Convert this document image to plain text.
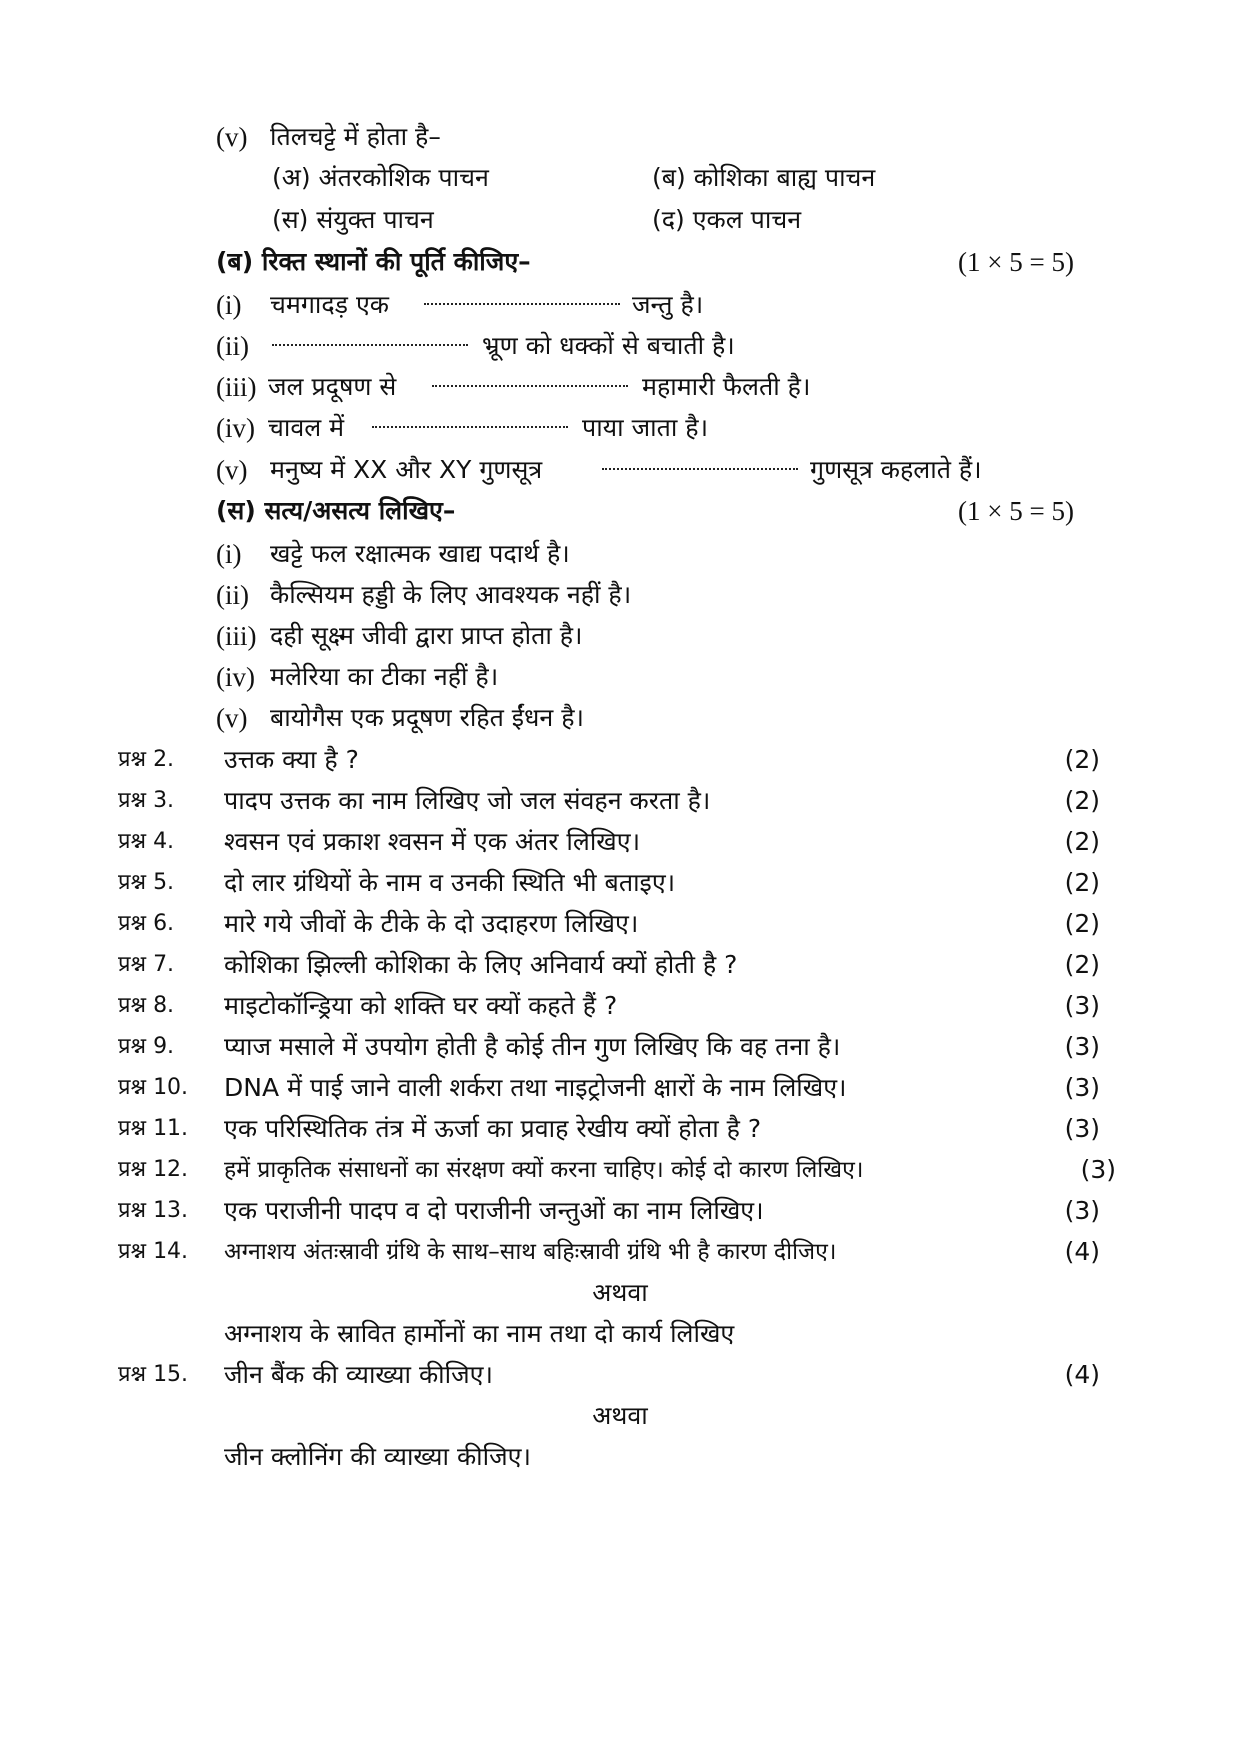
(v) तिलचट्टे में होता है–
(अ) अंतरकोशिक पाचन	(ब) कोशिका बाह्य पाचन
(स) संयुक्त पाचन	(द) एकल पाचन
(ब) रिक्त स्थानों की पूर्ति कीजिए–	(1 × 5 = 5)
(i) चमगादड़ एक	जन्तु है।
(ii)	भ्रूण को धक्कों से बचाती है।
(iii) जल प्रदूषण से	महामारी फैलती है।
(iv) चावल में	पाया जाता है।
(v) मनुष्य में XX और XY गुणसूत्र	गुणसूत्र कहलाते हैं।
(स) सत्य/असत्य लिखिए–	(1 × 5 = 5)
(i) खट्टे फल रक्षात्मक खाद्य पदार्थ है।
(ii) कैल्सियम हड्डी के लिए आवश्यक नहीं है।
(iii) दही सूक्ष्म जीवी द्वारा प्राप्त होता है।
(iv) मलेरिया का टीका नहीं है।
(v) बायोगैस एक प्रदूषण रहित ईंधन है।
प्रश्न 2. उत्तक क्या है ?	(2)
प्रश्न 3. पादप उत्तक का नाम लिखिए जो जल संवहन करता है।	(2)
प्रश्न 4. श्वसन एवं प्रकाश श्वसन में एक अंतर लिखिए।	(2)
प्रश्न 5. दो लार ग्रंथियों के नाम व उनकी स्थिति भी बताइए।	(2)
प्रश्न 6. मारे गये जीवों के टीके के दो उदाहरण लिखिए।	(2)
प्रश्न 7. कोशिका झिल्ली कोशिका के लिए अनिवार्य क्यों होती है ?	(2)
प्रश्न 8. माइटोकॉन्ड्रिया को शक्ति घर क्यों कहते हैं ?	(3)
प्रश्न 9. प्याज मसाले में उपयोग होती है कोई तीन गुण लिखिए कि वह तना है।	(3)
प्रश्न 10. DNA में पाई जाने वाली शर्करा तथा नाइट्रोजनी क्षारों के नाम लिखिए।	(3)
प्रश्न 11. एक परिस्थितिक तंत्र में ऊर्जा का प्रवाह रेखीय क्यों होता है ?	(3)
प्रश्न 12. हमें प्राकृतिक संसाधनों का संरक्षण क्यों करना चाहिए। कोई दो कारण लिखिए।	(3)
प्रश्न 13. एक पराजीनी पादप व दो पराजीनी जन्तुओं का नाम लिखिए।	(3)
प्रश्न 14. अग्नाशय अंतःस्रावी ग्रंथि के साथ–साथ बहिःस्रावी ग्रंथि भी है कारण दीजिए।	(4)
अथवा
अग्नाशय के स्रावित हार्मोनों का नाम तथा दो कार्य लिखिए
प्रश्न 15. जीन बैंक की व्याख्या कीजिए।	(4)
अथवा
जीन क्लोनिंग की व्याख्या कीजिए।
